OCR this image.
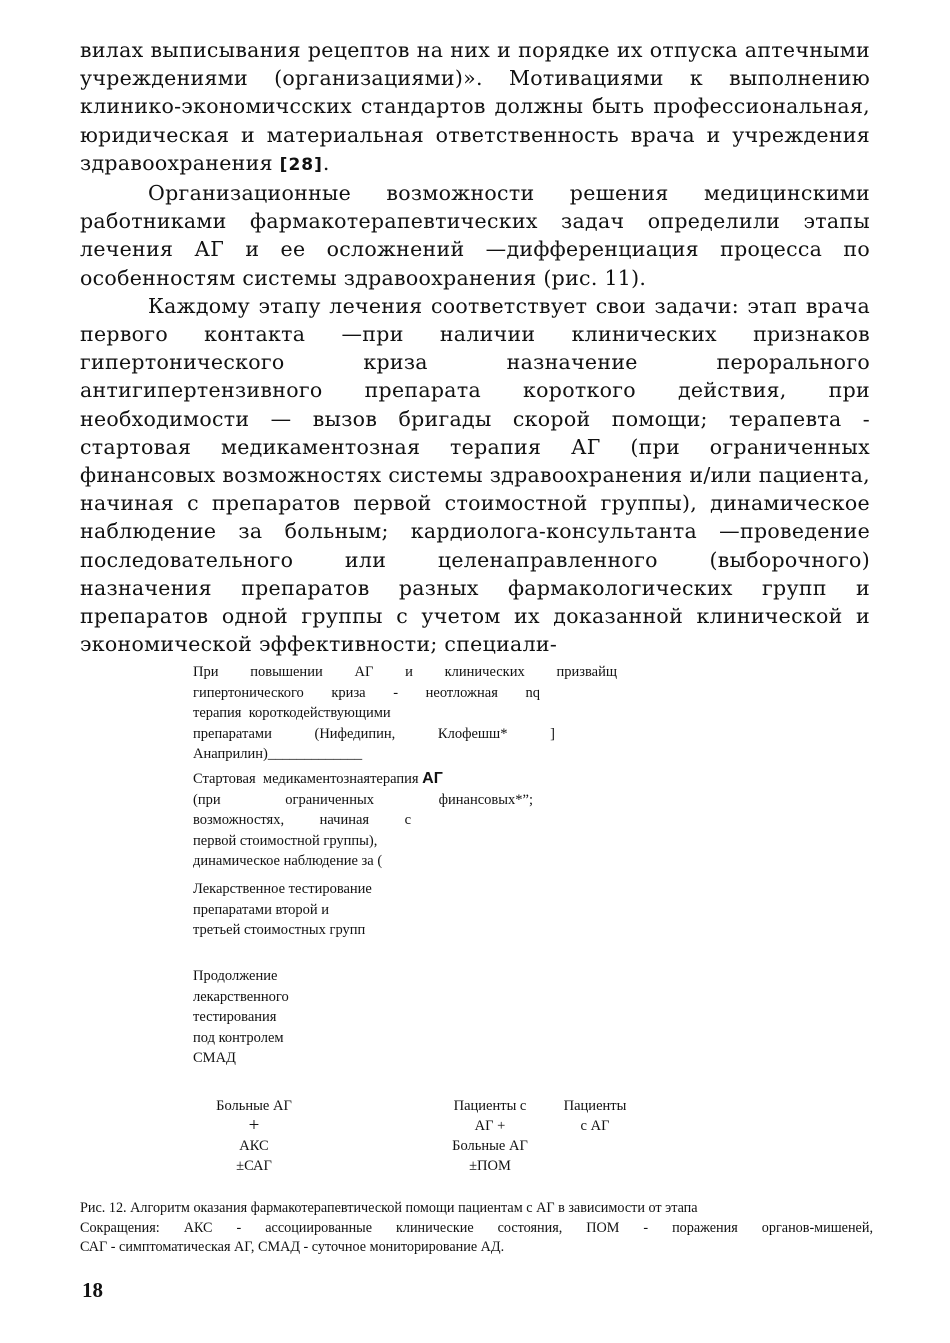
вилах выписывания рецептов на них и порядке их отпуска аптечными учреждениями (организациями)». Мотивациями к выполнению клинико-экономичсских стандартов должны быть профессиональная, юридическая и материальная ответственность врача и учреждения здравоохранения [28].

Организационные возможности решения медицинскими работниками фармакотерапевтических задач определили этапы лечения АГ и ее осложнений —дифференциация процесса по особенностям системы здравоохранения (рис. 11).

Каждому этапу лечения соответствует свои задачи: этап врача первого контакта —при наличии клинических признаков гипертонического криза назначение перорального антигипертензивного препарата короткого действия, при необходимости — вызов бригады скорой помощи; терапевта - стартовая медикаментозная терапия АГ (при ограниченных финансовых возможностях системы здравоохранения и/или пациента, начиная с препаратов первой стоимостной группы), динамическое наблюдение за больным; кардиолога-консультанта —проведение последовательного или целенаправленного (выборочного) назначения препаратов разных фармакологических групп и препаратов одной группы с учетом их доказанной клинической и экономической эффективности; специали-

При повышении АГ и клинических призвайщ
гипертонического криза - неотложная nq
терапия  короткодействующими
препаратами	(Нифедипин,	Клофешш*	]
Анаприлин)_____________
Стартовая  медикаментознаятерапия АГ
(при	ограниченных	финансовых*”;
возможностях, начиная с
первой стоимостной группы),
динамическое наблюдение за (
Лекарственное тестирование
препаратами второй и
третьей стоимостных групп
Продолжение
лекарственного
тестирования
под контролем
СМАД
Больные АГ
+
АКС
±САГ
Пациенты с
АГ +
Больные АГ
±ПОМ
Пациенты
с АГ
Рис. 12. Алгоритм оказания фармакотерапевтической помощи пациентам с АГ в зависимости от этапа
Сокращения: АКС - ассоциированные клинические состояния, ПОМ - поражения органов-мишеней,
САГ - симптоматическая АГ, СМАД - суточное мониторирование АД.
18
